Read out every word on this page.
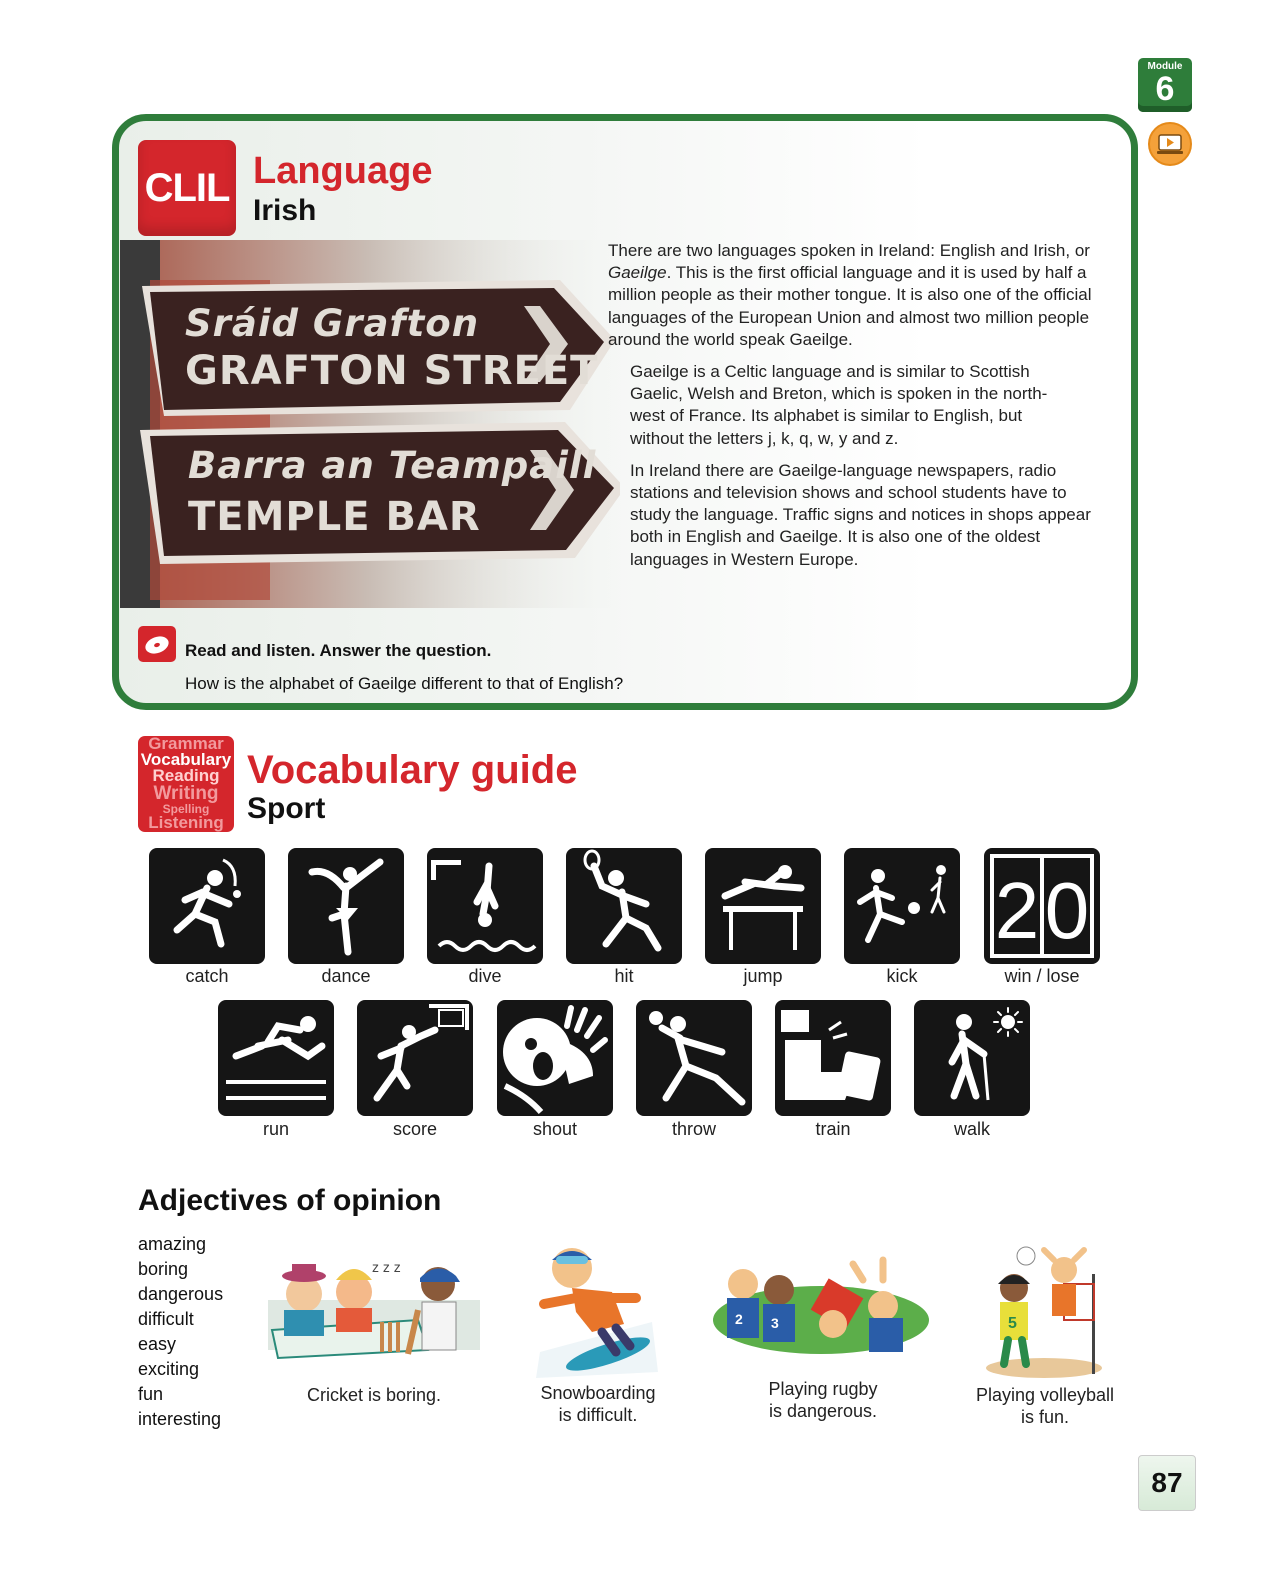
Module
6
Sráid Grafton
GRAFTON STREET
Barra an Teampaill
TEMPLE BAR
CLIL Language
Irish

There are two languages spoken in Ireland: English and Irish, or Gaeilge. This is the first official language and it is used by half a million people as their mother tongue. It is also one of the official languages of the European Union and almost two million people around the world speak Gaeilge.

Gaeilge is a Celtic language and is similar to Scottish Gaelic, Welsh and Breton, which is spoken in the north-west of France. Its alphabet is similar to English, but without the letters j, k, q, w, y and z.

In Ireland there are Gaeilge-language newspapers, radio stations and television shows and school students have to study the language. Traffic signs and notices in shops appear both in English and Gaeilge. It is also one of the oldest languages in Western Europe.

Read and listen. Answer the question.
How is the alphabet of Gaeilge different to that of English?
Grammar
Vocabulary
Reading
Writing
Spelling
Listening
Vocabulary guide
Sport
2 0
catch	dance	dive	hit	jump	kick	win / lose
run	score	shout	throw	train	walk
Adjectives of opinion
amazing
boring
dangerous
difficult
easy
exciting
fun
interesting
z z z
Cricket is boring.	Snowboarding
is difficult.
2 3
Playing rugby
is dangerous.
5
Playing volleyball
is fun.
87
